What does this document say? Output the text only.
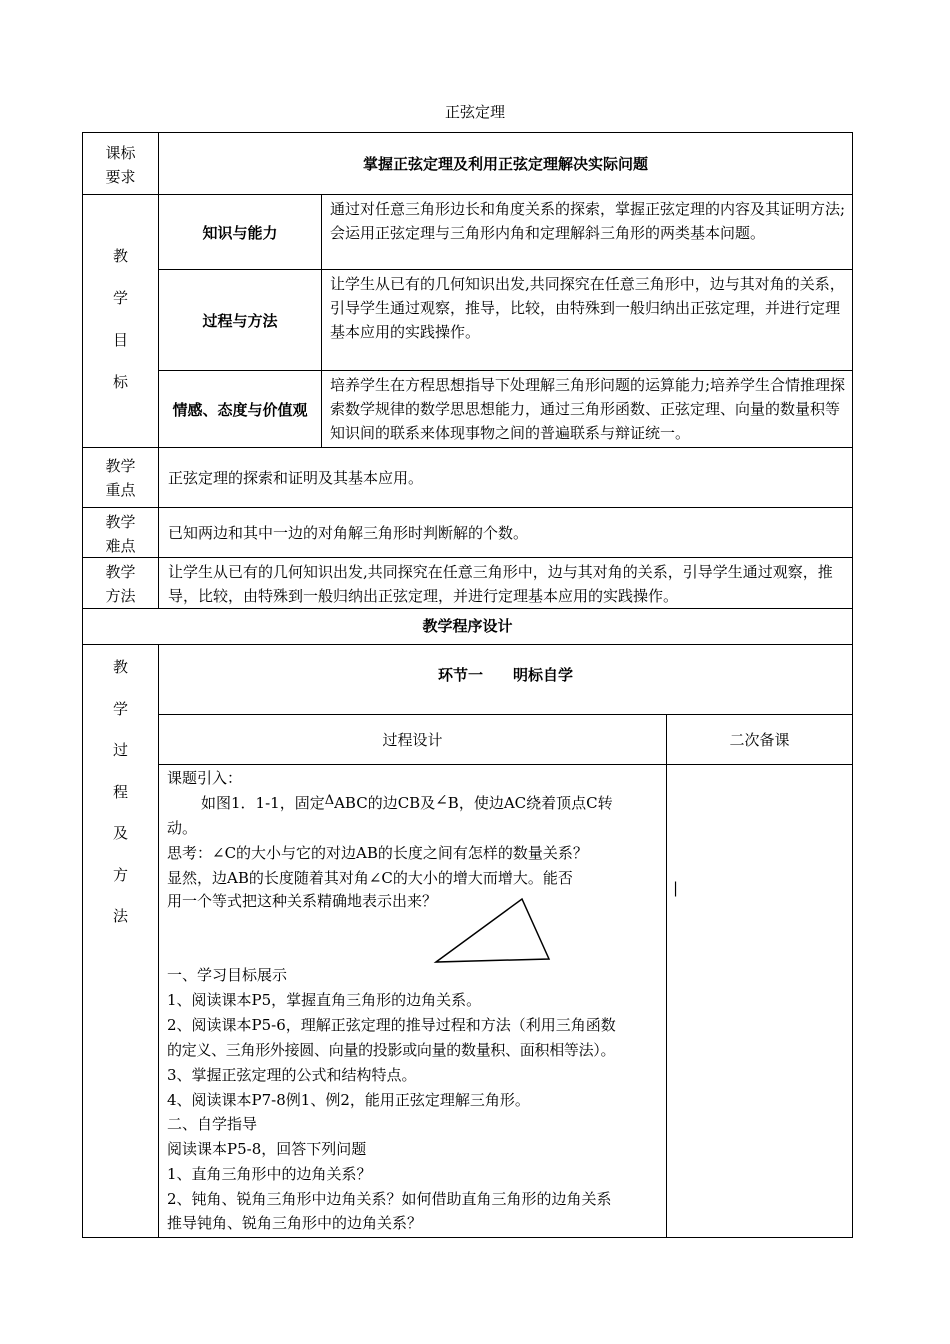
正弦定理
课标
要求
掌握正弦定理及利用正弦定理解决实际问题
教
学
目
标
知识与能力
通过对任意三角形边长和角度关系的探索，掌握正弦定理的内容及其证明方法;会运用正弦定理与三角形内角和定理解斜三角形的两类基本问题。
过程与方法
让学生从已有的几何知识出发,共同探究在任意三角形中，边与其对角的关系，引导学生通过观察，推导，比较，由特殊到一般归纳出正弦定理，并进行定理基本应用的实践操作。
情感、态度与价值观
培养学生在方程思想指导下处理解三角形问题的运算能力;培养学生合情推理探索数学规律的数学思思想能力，通过三角形函数、正弦定理、向量的数量积等知识间的联系来体现事物之间的普遍联系与辩证统一。
教学
重点
正弦定理的探索和证明及其基本应用。
教学
难点
已知两边和其中一边的对角解三角形时判断解的个数。
教学
方法
让学生从已有的几何知识出发,共同探究在任意三角形中，边与其对角的关系，引导学生通过观察，推导，比较，由特殊到一般归纳出正弦定理，并进行定理基本应用的实践操作。
教学程序设计
教
学
过
程
及
方
法
环节一　　明标自学
过程设计	二次备课
课题引入：
如图1．1-1，固定ΔABC的边CB及∠B，使边AC绕着顶点C转
动。
思考：∠C的大小与它的对边AB的长度之间有怎样的数量关系？
显然，边AB的长度随着其对角∠C的大小的增大而增大。能否
用一个等式把这种关系精确地表示出来？
一、学习目标展示
1、阅读课本P5，掌握直角三角形的边角关系。
2、阅读课本P5-6，理解正弦定理的推导过程和方法（利用三角函数
的定义、三角形外接圆、向量的投影或向量的数量积、面积相等法）。
3、掌握正弦定理的公式和结构特点。
4、阅读课本P7-8例1、例2，能用正弦定理解三角形。
二、自学指导
阅读课本P5-8，回答下列问题
1、直角三角形中的边角关系？
2、钝角、锐角三角形中边角关系？如何借助直角三角形的边角关系
推导钝角、锐角三角形中的边角关系？
|
